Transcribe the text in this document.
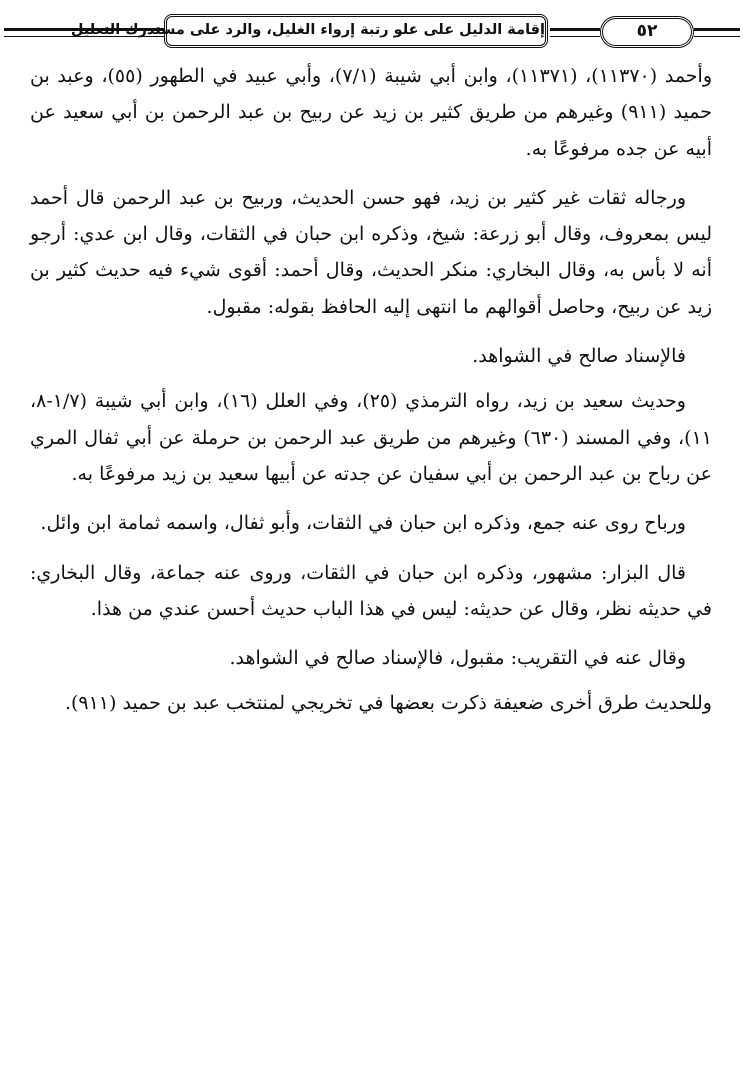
إقامة الدليل على علو رتبة إرواء الغليل، والرد على مستدرك التعليل	٥٢

وأحمد (١١٣٧٠)، (١١٣٧١)، وابن أبي شيبة (٧/١)، وأبي عبيد في الطهور (٥٥)، وعبد بن حميد (٩١١) وغيرهم من طريق كثير بن زيد عن ربيح بن عبد الرحمن بن أبي سعيد عن أبيه عن جده مرفوعًا به.

ورجاله ثقات غير كثير بن زيد، فهو حسن الحديث، وربيح بن عبد الرحمن قال أحمد ليس بمعروف، وقال أبو زرعة: شيخ، وذكره ابن حبان في الثقات، وقال ابن عدي: أرجو أنه لا بأس به، وقال البخاري: منكر الحديث، وقال أحمد: أقوى شيء فيه حديث كثير بن زيد عن ربيح، وحاصل أقوالهم ما انتهى إليه الحافظ بقوله: مقبول.

فالإسناد صالح في الشواهد.

وحديث سعيد بن زيد، رواه الترمذي (٢٥)، وفي العلل (١٦)، وابن أبي شيبة (١/٧-٨، ١١)، وفي المسند (٦٣٠) وغيرهم من طريق عبد الرحمن بن حرملة عن أبي ثفال المري عن رباح بن عبد الرحمن بن أبي سفيان عن جدته عن أبيها سعيد بن زيد مرفوعًا به.

ورباح روى عنه جمع، وذكره ابن حبان في الثقات، وأبو ثفال، واسمه ثمامة ابن وائل.

قال البزار: مشهور، وذكره ابن حبان في الثقات، وروى عنه جماعة، وقال البخاري: في حديثه نظر، وقال عن حديثه: ليس في هذا الباب حديث أحسن عندي من هذا.

وقال عنه في التقريب: مقبول، فالإسناد صالح في الشواهد.

وللحديث طرق أخرى ضعيفة ذكرت بعضها في تخريجي لمنتخب عبد بن حميد (٩١١).
